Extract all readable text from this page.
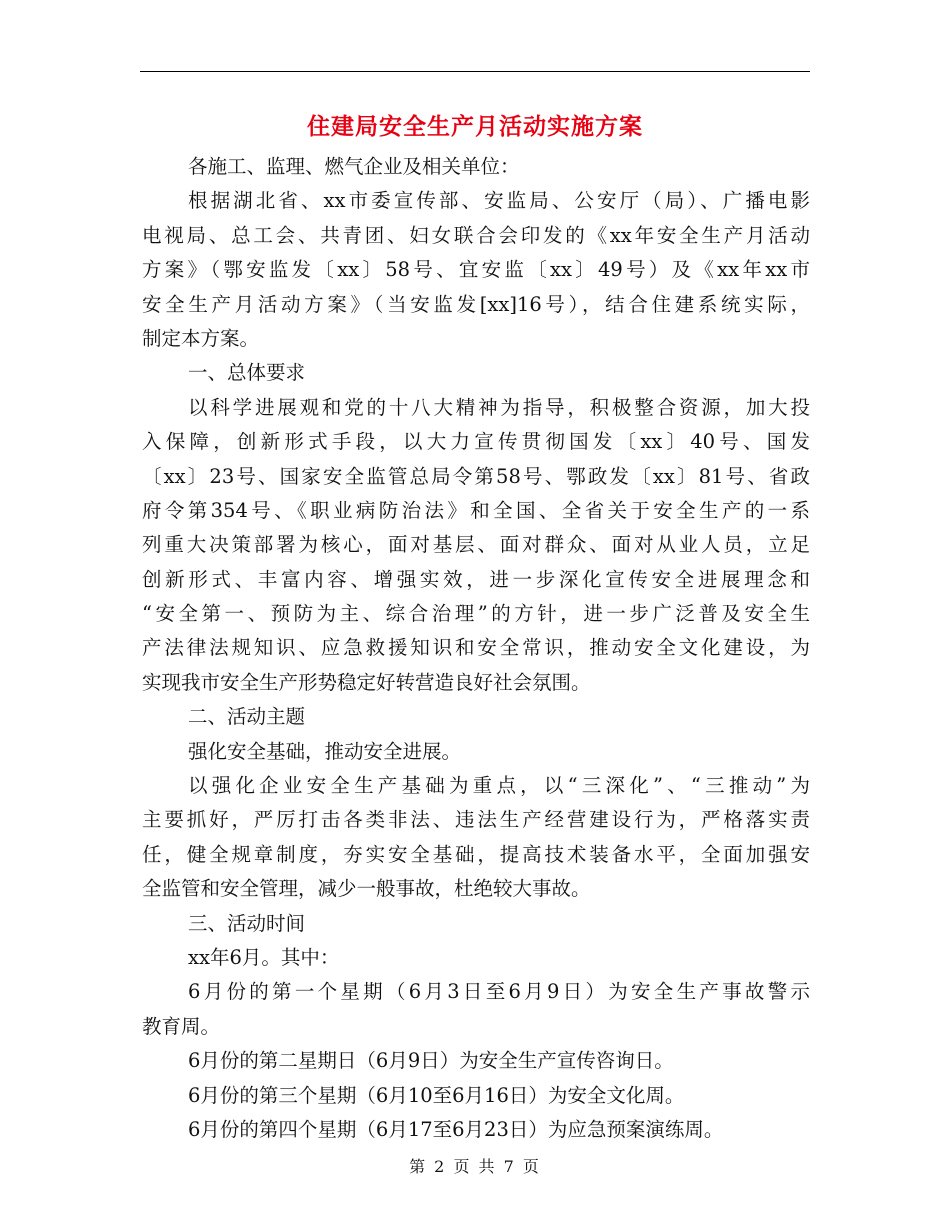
住建局安全生产月活动实施方案
各施工、监理、燃气企业及相关单位：
根据湖北省、xx市委宣传部、安监局、公安厅（局）、广播电影
电视局、总工会、共青团、妇女联合会印发的《xx年安全生产月活动
方案》（鄂安监发〔xx〕58号、宜安监〔xx〕49号）及《xx年xx市
安全生产月活动方案》（当安监发[xx]16号），结合住建系统实际，
制定本方案。
一、总体要求
以科学进展观和党的十八大精神为指导，积极整合资源，加大投
入保障，创新形式手段，以大力宣传贯彻国发〔xx〕40号、国发
〔xx〕23号、国家安全监管总局令第58号、鄂政发〔xx〕81号、省政
府令第354号、《职业病防治法》和全国、全省关于安全生产的一系
列重大决策部署为核心，面对基层、面对群众、面对从业人员，立足
创新形式、丰富内容、增强实效，进一步深化宣传安全进展理念和
“安全第一、预防为主、综合治理”的方针，进一步广泛普及安全生
产法律法规知识、应急救援知识和安全常识，推动安全文化建设，为
实现我市安全生产形势稳定好转营造良好社会氛围。
二、活动主题
强化安全基础，推动安全进展。
以强化企业安全生产基础为重点，以“三深化”、“三推动”为
主要抓好，严厉打击各类非法、违法生产经营建设行为，严格落实责
任，健全规章制度，夯实安全基础，提高技术装备水平，全面加强安
全监管和安全管理，减少一般事故，杜绝较大事故。
三、活动时间
xx年6月。其中：
6月份的第一个星期（6月3日至6月9日）为安全生产事故警示
教育周。
6月份的第二星期日（6月9日）为安全生产宣传咨询日。
6月份的第三个星期（6月10至6月16日）为安全文化周。
6月份的第四个星期（6月17至6月23日）为应急预案演练周。
第 2 页 共 7 页
